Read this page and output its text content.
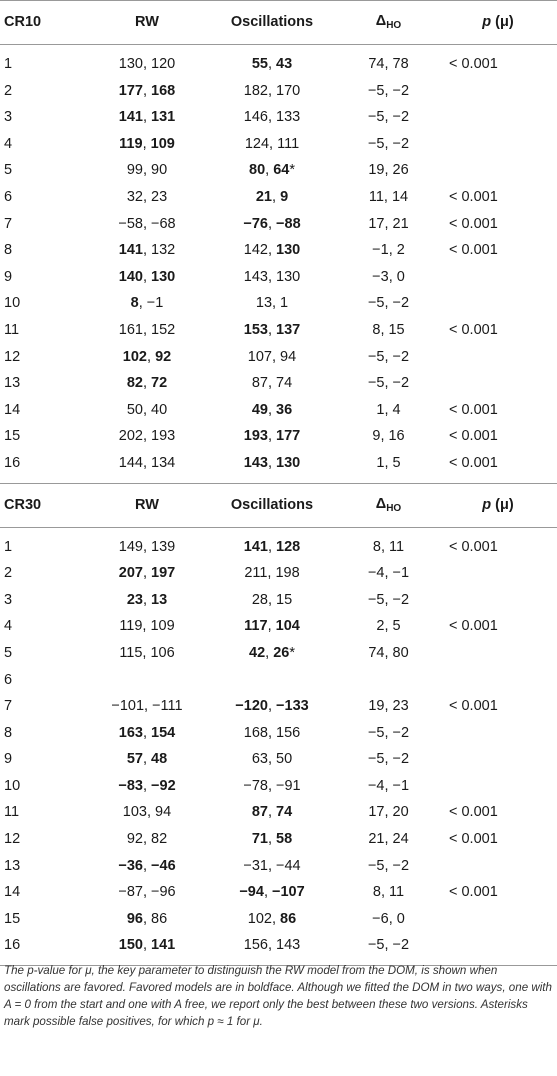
CR10	RW	Oscillations	$\Delta_{HO}$	p (μ)

1	130, 120	55, 43	74, 78	< 0.001
2	177, 168	182, 170	−5, −2	
3	141, 131	146, 133	−5, −2	
4	119, 109	124, 111	−5, −2	
5	99, 90	80, 64*	19, 26	
6	32, 23	21, 9	11, 14	< 0.001
7	−58, −68	−76, −88	17, 21	< 0.001
8	141, 132	142, 130	−1, 2	< 0.001
9	140, 130	143, 130	−3, 0	
10	8, −1	13, 1	−5, −2	
11	161, 152	153, 137	8, 15	< 0.001
12	102, 92	107, 94	−5, −2	
13	82, 72	87, 74	−5, −2	
14	50, 40	49, 36	1, 4	< 0.001
15	202, 193	193, 177	9, 16	< 0.001
16	144, 134	143, 130	1, 5	< 0.001

CR30	RW	Oscillations	$\Delta_{HO}$	p (μ)

1	149, 139	141, 128	8, 11	< 0.001
2	207, 197	211, 198	−4, −1	
3	23, 13	28, 15	−5, −2	
4	119, 109	117, 104	2, 5	< 0.001
5	115, 106	42, 26*	74, 80	
6				
7	−101, −111	−120, −133	19, 23	< 0.001
8	163, 154	168, 156	−5, −2	
9	57, 48	63, 50	−5, −2	
10	−83, −92	−78, −91	−4, −1	
11	103, 94	87, 74	17, 20	< 0.001
12	92, 82	71, 58	21, 24	< 0.001
13	−36, −46	−31, −44	−5, −2	
14	−87, −96	−94, −107	8, 11	< 0.001
15	96, 86	102, 86	−6, 0	
16	150, 141	156, 143	−5, −2	

The p-value for μ, the key parameter to distinguish the RW model from the DOM, is shown when oscillations are favored. Favored models are in boldface. Although we fitted the DOM in two ways, one with A = 0 from the start and one with A free, we report only the best between these two versions. Asterisks mark possible false positives, for which p ≈ 1 for μ.
